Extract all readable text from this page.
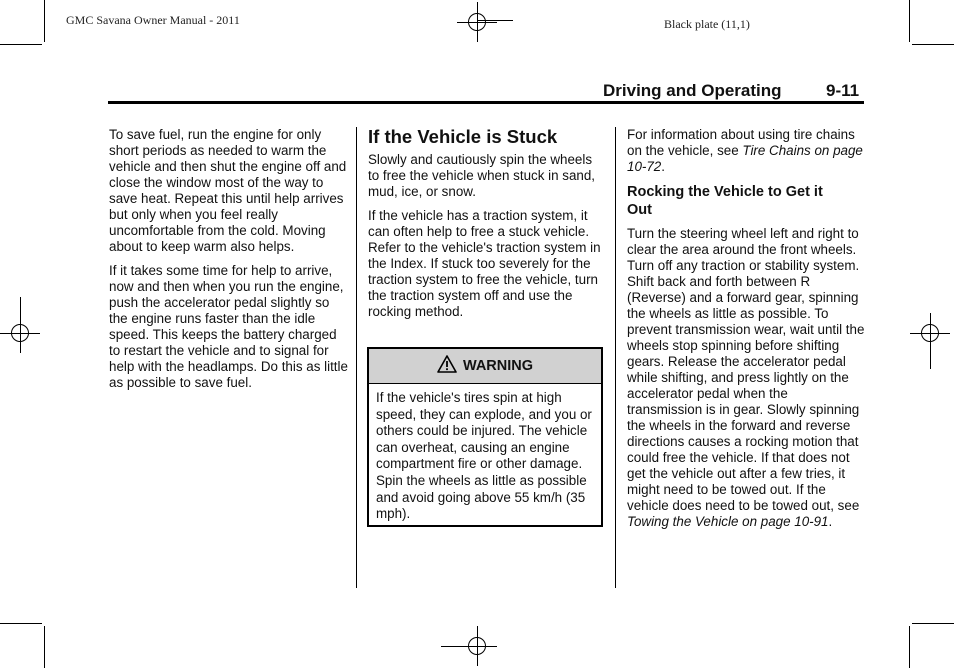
GMC Savana Owner Manual - 2011	Black plate (11,1)
Driving and Operating	9-11

To save fuel, run the engine for only short periods as needed to warm the vehicle and then shut the engine off and close the window most of the way to save heat. Repeat this until help arrives but only when you feel really uncomfortable from the cold. Moving about to keep warm also helps.

If it takes some time for help to arrive, now and then when you run the engine, push the accelerator pedal slightly so the engine runs faster than the idle speed. This keeps the battery charged to restart the vehicle and to signal for help with the headlamps. Do this as little as possible to save fuel.

If the Vehicle is Stuck

Slowly and cautiously spin the wheels to free the vehicle when stuck in sand, mud, ice, or snow.

If the vehicle has a traction system, it can often help to free a stuck vehicle. Refer to the vehicle's traction system in the Index. If stuck too severely for the traction system to free the vehicle, turn the traction system off and use the rocking method.

WARNING
If the vehicle's tires spin at high speed, they can explode, and you or others could be injured. The vehicle can overheat, causing an engine compartment fire or other damage. Spin the wheels as little as possible and avoid going above 55 km/h (35 mph).

For information about using tire chains on the vehicle, see Tire Chains on page 10-72.

Rocking the Vehicle to Get it Out

Turn the steering wheel left and right to clear the area around the front wheels. Turn off any traction or stability system. Shift back and forth between R (Reverse) and a forward gear, spinning the wheels as little as possible. To prevent transmission wear, wait until the wheels stop spinning before shifting gears. Release the accelerator pedal while shifting, and press lightly on the accelerator pedal when the transmission is in gear. Slowly spinning the wheels in the forward and reverse directions causes a rocking motion that could free the vehicle. If that does not get the vehicle out after a few tries, it might need to be towed out. If the vehicle does need to be towed out, see Towing the Vehicle on page 10-91.
